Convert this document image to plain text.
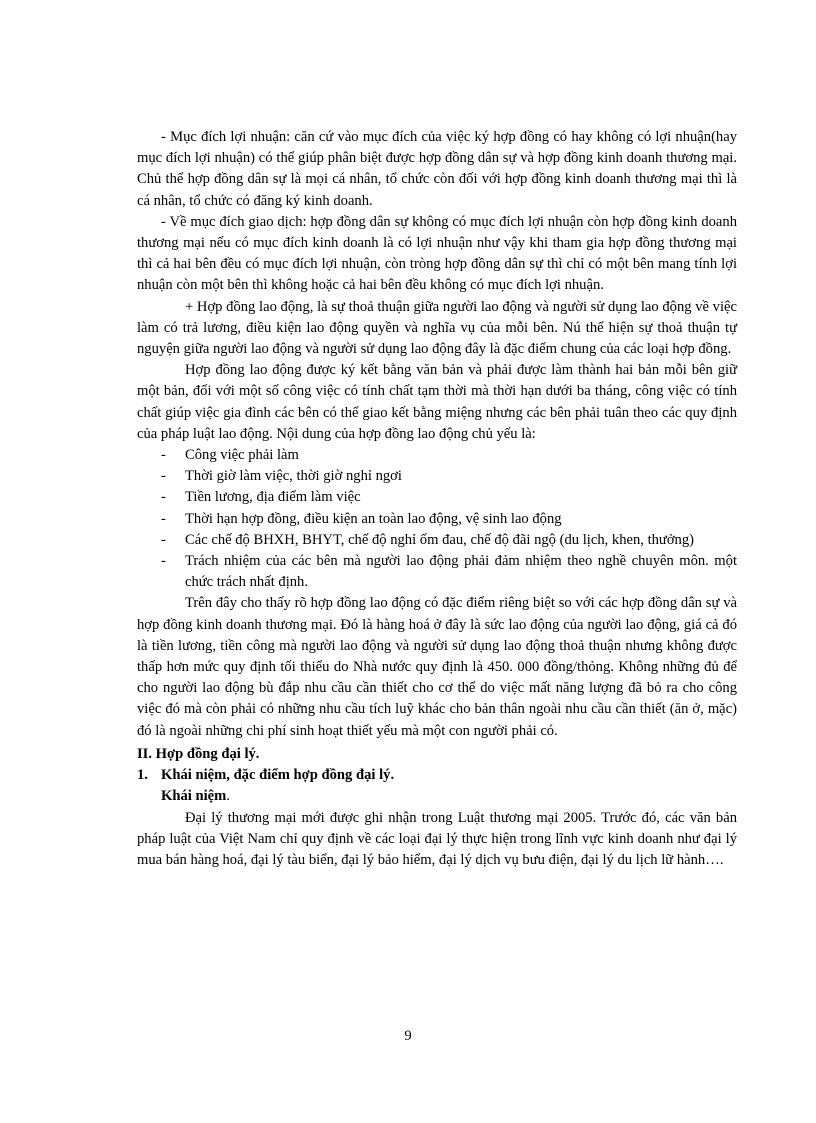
- Mục đích lợi nhuận: căn cứ vào mục đích của việc ký hợp đồng có hay không có lợi nhuận(hay mục đích lợi nhuận) có thể giúp phân biệt được hợp đồng dân sự và hợp đồng kinh doanh thương mại. Chủ thể hợp đồng dân sự là mọi cá nhân, tổ chức còn đối với hợp đồng kinh doanh thương mại thì là cá nhân, tổ chức có đăng ký kinh doanh.

- Về mục đích giao dịch: hợp đồng dân sự không có mục đích lợi nhuận còn hợp đồng kinh doanh thương mại nếu có mục đích kinh doanh là có lợi nhuận như vậy khi tham gia hợp đồng thương mại thì cả hai bên đều có mục đích lợi nhuận, còn tròng hợp đồng dân sự thì chỉ có một bên mang tính lợi nhuận còn một bên thì không hoặc cả hai bên đều không có mục đích lợi nhuận.

+ Hợp đồng lao động, là sự thoả thuận giữa người lao động và người sử dụng lao động về việc làm có trả lương, điều kiện lao động quyền và nghĩa vụ của mỗi bên. Nú thể hiện sự thoả thuận tự nguyện giữa người lao động và người sử dụng lao động đây là đặc điểm chung của các loại hợp đồng.

Hợp đồng lao động được ký kết bằng văn bản và phải được làm thành hai bản mỗi bên giữ một bản, đối với một số công việc có tính chất tạm thời mà thời hạn dưới ba tháng, công việc có tính chất giúp việc gia đình các bên có thể giao kết bằng miệng nhưng các bên phải tuân theo các quy định của pháp luật lao động. Nội dung của hợp đồng lao động chủ yếu là:

- Công việc phải làm
- Thời giờ làm việc, thời giờ nghỉ ngơi
- Tiền lương, địa điểm làm việc
- Thời hạn hợp đồng, điều kiện an toàn lao động, vệ sinh lao động
- Các chế độ BHXH, BHYT, chế độ nghỉ ốm đau, chế độ đãi ngộ (du lịch, khen, thưởng)
- Trách nhiệm của các bên mà người lao động phải đảm nhiệm theo nghề chuyên môn. một chức trách nhất định.

Trên đây cho thấy rõ hợp đồng lao động có đặc điểm riêng biệt so với các hợp đồng dân sự và hợp đồng kinh doanh thương mại. Đó là hàng hoá ở đây là sức lao động của người lao động, giá cả đó là tiền lương, tiền công mà người lao động và người sử dụng lao động thoả thuận nhưng không được thấp hơn mức quy định tối thiểu do Nhà nước quy định là 450. 000 đồng/thỏng. Không những đủ để cho người lao động bù đắp nhu cầu cần thiết cho cơ thể do việc mất năng lượng đã bỏ ra cho công việc đó mà còn phải có những nhu cầu tích luỹ khác cho bản thân ngoài nhu cầu cần thiết (ăn ở, mặc) đó là ngoài những chi phí sinh hoạt thiết yếu mà một con người phải có.

II. Hợp đồng đại lý.

1. Khái niệm, đặc điểm hợp đồng đại lý.

Khái niệm.

Đại lý thương mại mới được ghi nhận trong Luật thương mại 2005. Trước đó, các văn bản pháp luật của Việt Nam chỉ quy định về các loại đại lý thực hiện trong lĩnh vực kinh doanh như đại lý mua bán hàng hoá, đại lý tàu biển, đại lý bảo hiểm, đại lý dịch vụ bưu điện, đại lý du lịch lữ hành….

9
